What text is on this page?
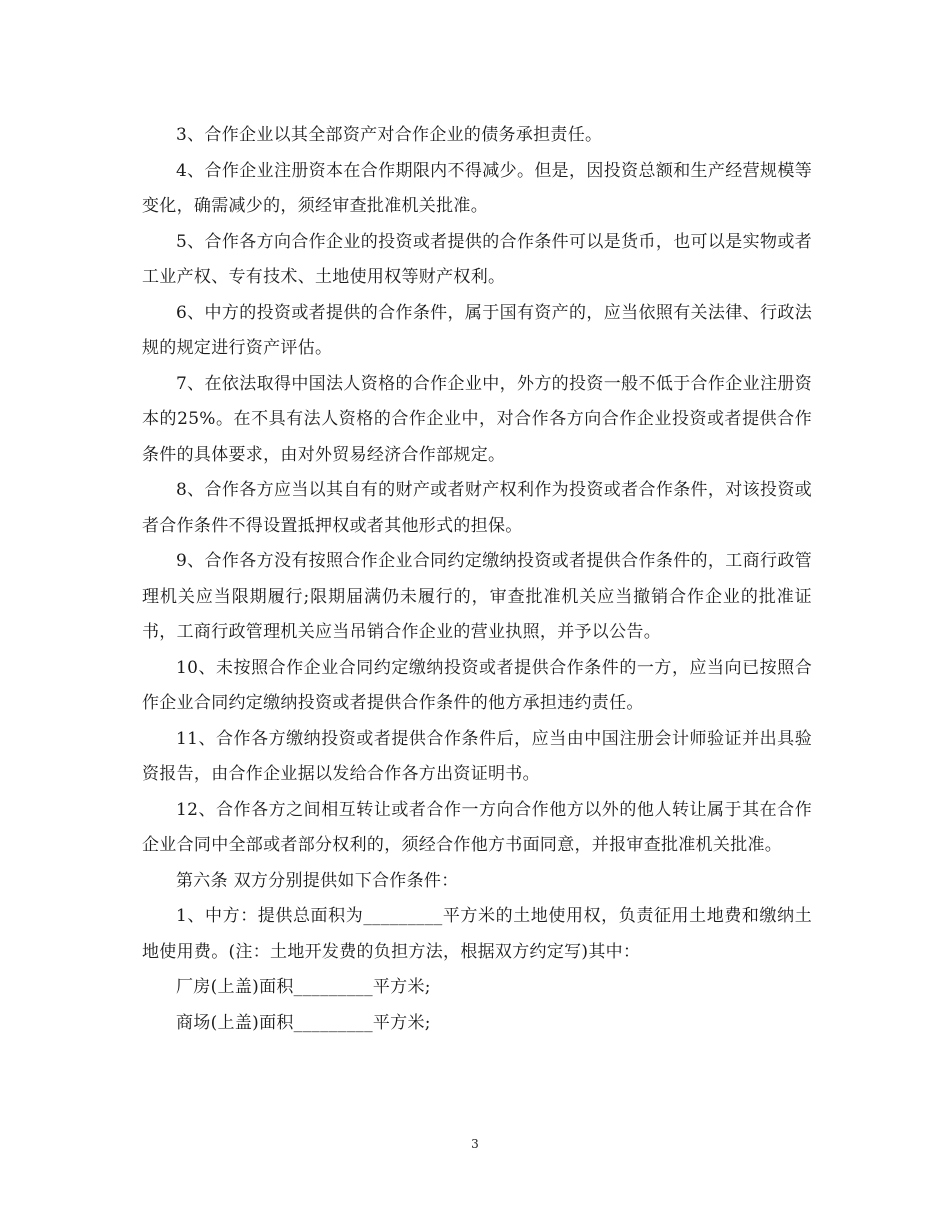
3、合作企业以其全部资产对合作企业的债务承担责任。

4、合作企业注册资本在合作期限内不得减少。但是，因投资总额和生产经营规模等变化，确需减少的，须经审查批准机关批准。

5、合作各方向合作企业的投资或者提供的合作条件可以是货币，也可以是实物或者工业产权、专有技术、土地使用权等财产权利。

6、中方的投资或者提供的合作条件，属于国有资产的，应当依照有关法律、行政法规的规定进行资产评估。

7、在依法取得中国法人资格的合作企业中，外方的投资一般不低于合作企业注册资本的25%。在不具有法人资格的合作企业中，对合作各方向合作企业投资或者提供合作条件的具体要求，由对外贸易经济合作部规定。

8、合作各方应当以其自有的财产或者财产权利作为投资或者合作条件，对该投资或者合作条件不得设置抵押权或者其他形式的担保。

9、合作各方没有按照合作企业合同约定缴纳投资或者提供合作条件的，工商行政管理机关应当限期履行;限期届满仍未履行的，审查批准机关应当撤销合作企业的批准证书，工商行政管理机关应当吊销合作企业的营业执照，并予以公告。

10、未按照合作企业合同约定缴纳投资或者提供合作条件的一方，应当向已按照合作企业合同约定缴纳投资或者提供合作条件的他方承担违约责任。

11、合作各方缴纳投资或者提供合作条件后，应当由中国注册会计师验证并出具验资报告，由合作企业据以发给合作各方出资证明书。

12、合作各方之间相互转让或者合作一方向合作他方以外的他人转让属于其在合作企业合同中全部或者部分权利的，须经合作他方书面同意，并报审查批准机关批准。

第六条 双方分别提供如下合作条件：

1、中方：提供总面积为_________平方米的土地使用权，负责征用土地费和缴纳土地使用费。(注：土地开发费的负担方法，根据双方约定写)其中：

厂房(上盖)面积_________平方米;

商场(上盖)面积_________平方米;

3
